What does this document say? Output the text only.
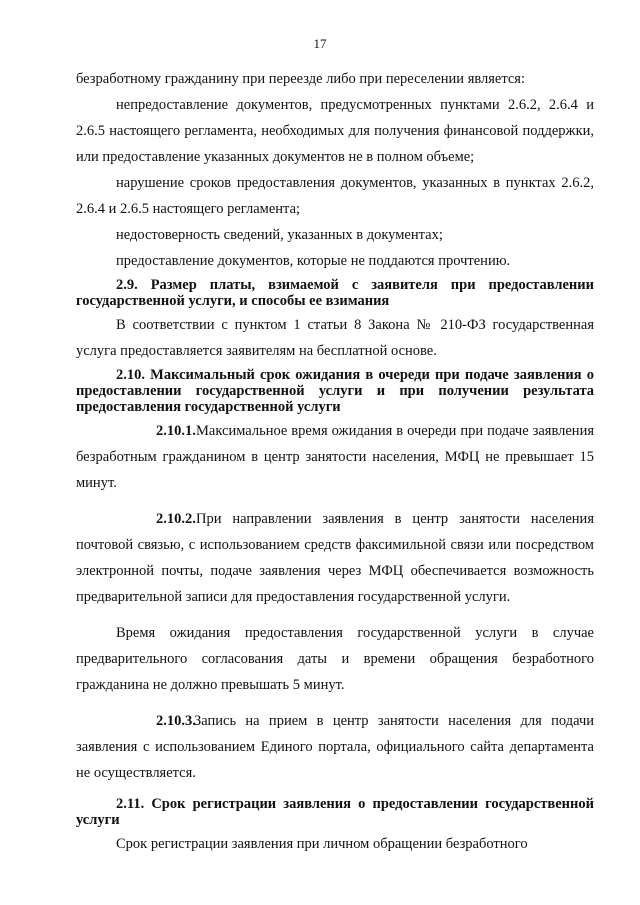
17

безработному гражданину при переезде либо при переселении является:

непредоставление документов, предусмотренных пунктами 2.6.2, 2.6.4 и 2.6.5 настоящего регламента, необходимых для получения финансовой поддержки, или предоставление указанных документов не в полном объеме;

нарушение сроков предоставления документов, указанных в пунктах 2.6.2, 2.6.4 и 2.6.5 настоящего регламента;

недостоверность сведений, указанных в документах;

предоставление документов, которые не поддаются прочтению.

2.9. Размер платы, взимаемой с заявителя при предоставлении государственной услуги, и способы ее взимания

В соответствии с пунктом 1 статьи 8 Закона № 210-ФЗ государственная услуга предоставляется заявителям на бесплатной основе.

2.10. Максимальный срок ожидания в очереди при подаче заявления о предоставлении государственной услуги и при получении результата предоставления государственной услуги

2.10.1.Максимальное время ожидания в очереди при подаче заявления безработным гражданином в центр занятости населения, МФЦ не превышает 15 минут.

2.10.2.При направлении заявления в центр занятости населения почтовой связью, с использованием средств факсимильной связи или посредством электронной почты, подаче заявления через МФЦ обеспечивается возможность предварительной записи для предоставления государственной услуги.

Время ожидания предоставления государственной услуги в случае предварительного согласования даты и времени обращения безработного гражданина не должно превышать 5 минут.

2.10.3.Запись на прием в центр занятости населения для подачи заявления с использованием Единого портала, официального сайта департамента не осуществляется.

2.11. Срок регистрации заявления о предоставлении государственной услуги

Срок регистрации заявления при личном обращении безработного
